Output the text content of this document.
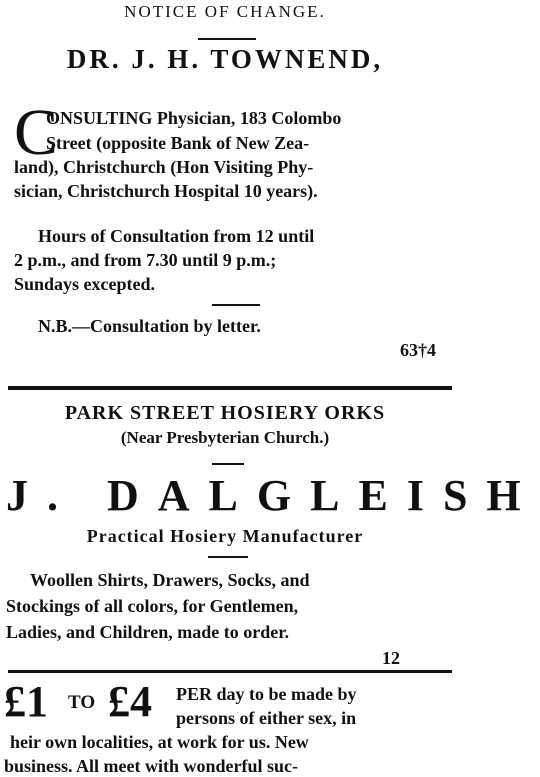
NOTICE OF CHANGE.
DR. J. H. TOWNEND,
C
ONSULTING Physician, 183 Colombo
Street (opposite Bank of New Zea-
land), Christchurch (Hon Visiting Phy-
sician, Christchurch Hospital 10 years).
Hours of Consultation from 12 until
2 p.m., and from 7.30 until 9 p.m.;
Sundays excepted.
N.B.—Consultation by letter.
63†4
PARK STREET HOSIERY ORKS
(Near Presbyterian Church.)
J. DALGLEISH
Practical Hosiery Manufacturer
Woollen Shirts, Drawers, Socks, and
Stockings of all colors, for Gentlemen,
Ladies, and Children, made to order.
12
£1 TO £4 PER day to be made by
persons of either sex, in
heir own localities, at work for us. New
business. All meet with wonderful suc-
